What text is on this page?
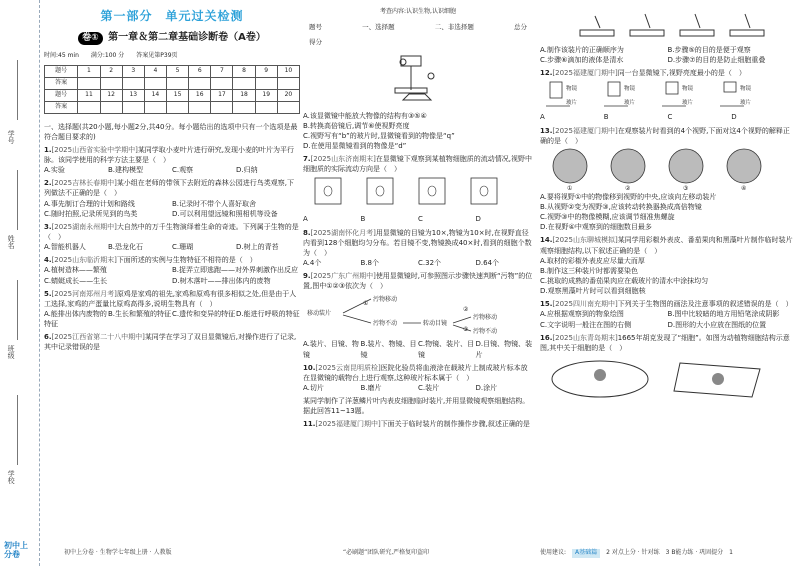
学号
姓名
班级
学校
初中上分卷
第一部分　单元过关检测
卷① 第一章＆第二章基础诊断卷（A卷）
时间:45 min　　满分:100 分　　答案见第P39页
题号	1	2	3	4	5	6	7	8	9	10
答案										
题号	11	12	13	14	15	16	17	18	19	20
答案										
一、选择题(共20小题,每小题2分,共40分。每小题给出的选项中只有一个选项是最符合题目要求的)
1.[2025山西省实验中学期中]某同学取小麦叶片进行研究,发现小麦的叶片为平行脉。该同学使用的科学方法主要是（　）
A.实验	B.建构模型	C.观察	D.归纳
2.[2025吉林长春期中]某小组在老师的带领下去附近的森林公园进行鸟类观察,下列做法不正确的是（　）
A.事先制订合理的计划和路线	B.记录时不带个人喜好取舍
C.随时拍照,记录所见到的鸟类	D.可以利用望远镜和照相机等设备
3.[2025湖南永州期中]大自然中的万千生物演绎着生命的奇迹。下列属于生物的是（　）
A.智能机器人	B.恐龙化石	C.珊瑚	D.树上的青苔
4.[2025山东临沂期末]下面所述的实例与生物特征不相符的是（　）
A.植树造林——繁殖	B.捉弄立即逃跑——对外界刺激作出反应
C.蜻蜓成长——生长	D.树木落叶——排出体内的废物
5.[2025河南郑州月考]原鸡是家鸡的祖先,家鸡和原鸡有很多相似之处,但是由于人工选择,家鸡的产蛋量比原鸡高得多,说明生物具有（　）
A.能排出体内废物的特征
B.生长和繁殖的特征 C.遗传和变异的特征 D.能进行呼吸的特征
6.[2025江西省第二十八中期中]某同学在学习了双目显微镜后,对操作进行了记录,其中记录错误的是
初中上分卷 · 生物学七年级上册 · 人教版
考查内容:认识生物,认识细胞
题号	一、选择题	二、非选择题	总分
得分
A.该显微镜中能放大物像的结构有③⑤④
B.转换高倍镜后,调节⑥使视野亮度
C.视野写有“b”的玻片时,显微镜看到的物像是“q”
D.在使用显微镜看到的物像是“d”
7.[2025山东济南期末]在显微镜下观察到某植物细胞质的流动情况,视野中细胞质的实际流动方向是（　）
A	B	C	D
8.[2025湖南怀化月考]用显微镜的目镜为10×,物镜为10×时,在视野直径内看到128个细胞均匀分布。若目镜不变,物镜换成40×时,看到的细胞个数为（　）
A.4个	B.8个	C.32个	D.64个
9.[2025广东广州期中]使用显微镜时,可参照图示步骤快速判断“污物”的位置,图中①②③依次为（　）
移动装片
①
污物移动
污物不动	转动目镜
污物移动
污物不动
②
③
A.装片、目镜、物镜
B.装片、物镜、目镜
C.物镜、装片、目镜
D.目镜、物镜、装片
10.[2025云南昆明质检]医院化验员将血液涂在载玻片上制成玻片标本放在显微镜的载物台上进行观察,这种玻片标本属于（　）
A.切片	B.磨片	C.装片	D.涂片
某同学制作了洋葱鳞片叶内表皮细胞临时装片,并用显微镜观察细胞结构。据此回答11~13题。
11.[2025福建厦门期中]下面关于临时装片的制作操作步骤,叙述正确的是
“必刷题”团队研究,严格复印盗印
A.制作该装片的正确顺序为	B.步骤⑤的目的是便于观察
C.步骤⑥滴加的液体是清水	D.步骤⑦的目的是防止细胞重叠
12.[2025福建厦门期中]同一台显微镜下,视野亮度最小的是（　）
物镜
玻片
物镜
玻片
物镜
玻片
物镜
玻片
A	B	C	D
13.[2025福建厦门期中]在观察装片时看到的4个视野,下面对这4个视野的解释正确的是（　）
①	②	③	④
A.要将视野①中的物像移到视野的中央,应该向左移动装片
B.从视野②变为视野③,应该转动转换器换成高倍物镜
C.视野③中的物像模糊,应该调节细准焦螺旋
D.在视野④中观察到的细胞数目最多
14.[2025山东聊城模拟]某同学用彩椒外表皮、番茄果肉和黑藻叶片制作临时装片观察细胞结构,以下叙述正确的是（　）
A.取材的彩椒外表皮应尽量大而厚
B.制作这三种装片时都需要染色
C.挑取的成熟的番茄果肉应在载玻片的清水中涂抹均匀
D.观察黑藻叶片时可以看到细胞核
15.[2025四川南充期中]下列关于生物图的画法及注意事项的叙述错误的是（　）
A.应根据观察到的物象绘图	B.图中比较暗的地方用铅笔涂成阴影
C.文字说明一般注在图的右侧	D.图形的大小应放在图纸的位置
16.[2025山东青岛期末]1665年胡克发现了“细胞”。如图为动植物细胞结构示意图,其中关于细胞的是（　）
使用建议:	A基础篇	2 对点上分 · 针对练 3 B能力练 · 巩固提分 1
